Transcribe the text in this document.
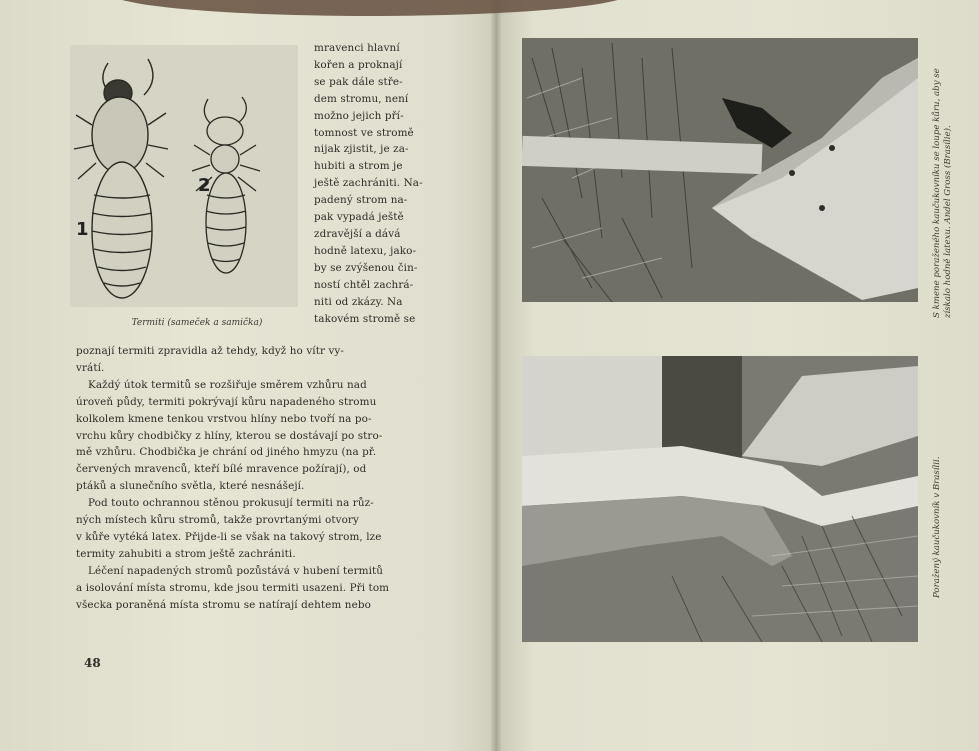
1
2
Termiti (sameček a samička)
mravenci hlavní
kořen a proknají
se pak dále stře-
dem stromu, není
možno jejich pří-
tomnost ve stromě
nijak zjistit, je za-
hubiti a strom je
ještě zachrániti. Na-
padený strom na-
pak vypadá ještě
zdravější a dává
hodně latexu, jako-
by se zvýšenou čin-
ností chtěl zachrá-
niti od zkázy. Na
takovém stromě se
poznají termiti zpravidla až tehdy, když ho vítr vy-
vrátí.
Každý útok termitů se rozšiřuje směrem vzhůru nad
úroveň půdy, termiti pokrývají kůru napadeného stromu
kolkolem kmene tenkou vrstvou hlíny nebo tvoří na po-
vrchu kůry chodbičky z hlíny, kterou se dostávají po stro-
mě vzhůru. Chodbička je chrání od jiného hmyzu (na př.
červených mravenců, kteří bílé mravence požírají), od
ptáků a slunečního světla, které nesnášejí.
Pod touto ochrannou stěnou prokusují termiti na růz-
ných místech kůru stromů, takže provrtanými otvory
v kůře vytéká latex. Přijde-li se však na takový strom, lze
termity zahubiti a strom ještě zachrániti.
Léčení napadených stromů pozůstává v hubení termitů
a isolování místa stromu, kde jsou termiti usazeni. Při tom
všecka poraněná místa stromu se natírají dehtem nebo
48
S kmene poraženého kaučukovníku se loupe kůru, aby se získalo hodně latexu. Andel Gross (Brasílie).
Poražený kaučukovník v Brasílii.
